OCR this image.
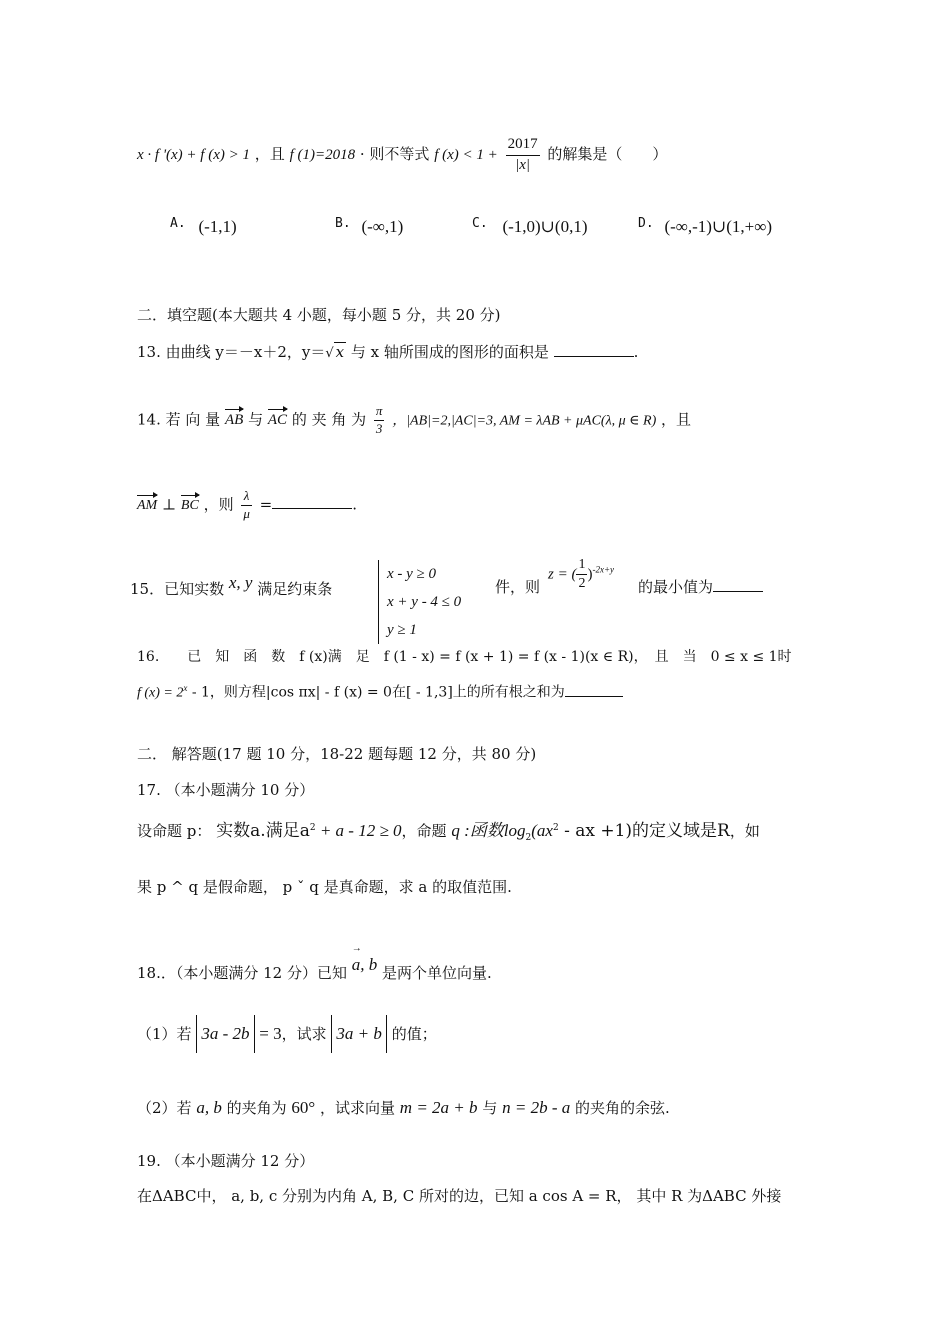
x · f '(x) + f (x) > 1 ，且 f (1)=2018 · 则不等式 f $(x) < 1 + \frac{2017}{|x|}$ 的解集是（　　）
A. (-1,1)	B. (-∞,1)	C. (-1,0)∪(0,1)	D. (-∞,-1)∪(1,+∞)
二．填空题(本大题共 4 小题，每小题 5 分，共 20 分)
13. 由曲线 y＝－x＋2，y＝√ x 与 x 轴所围成的图形的面积是	.
14. 若 向 量 AB 与 AC 的 夹 角 为 $\frac{\pi}{3}$ ，|AB|=2,|AC|=3, AM = λAB + μAC(λ, μ ∈ R) ，且
AM ⊥ BC ，则 $\frac{\lambda}{\mu}$ =	.
15．已知实数 x, y 满足约束条
x - y ≥ 0
x + y - 4 ≤ 0
y ≥ 1
件，则
z = ( $\frac{1}{2} )^{-2x+y}$
的最小值为
16.　　已　知　函　数　f (x)满　足　f (1 - x) = f (x + 1) = f (x - 1)(x ∈ R)，　且　当　0 ≤ x ≤ 1时
f $(x) = 2^x - 1$，则方程|cos πx| - f (x) = 0在[ - 1,3]上的所有根之和为
二． 解答题(17 题 10 分，18-22 题每题 12 分，共 80 分)
17. （本小题满分 10 分）
设命题 p： 实数a.满足$a^2 + a - 12 \ge 0$，命题 q :函数$\log_2(ax^2$ - ax +1)的定义域是R，如
果 p ^ q 是假命题， p ˇ q 是真命题，求 a 的取值范围.
18.．（本小题满分 12 分）已知 → a, b 是两个单位向量.
（1）若 3a - 2b = 3，试求 3a + b 的值；
（2）若 a, b 的夹角为 60° ，试求向量 m = 2a + b 与 n = 2b - a 的夹角的余弦.
19. （本小题满分 12 分）
在ΔABC中， a, b, c 分别为内角 A, B, C 所对的边，已知 a cos A = R， 其中 R 为ΔABC 外接
